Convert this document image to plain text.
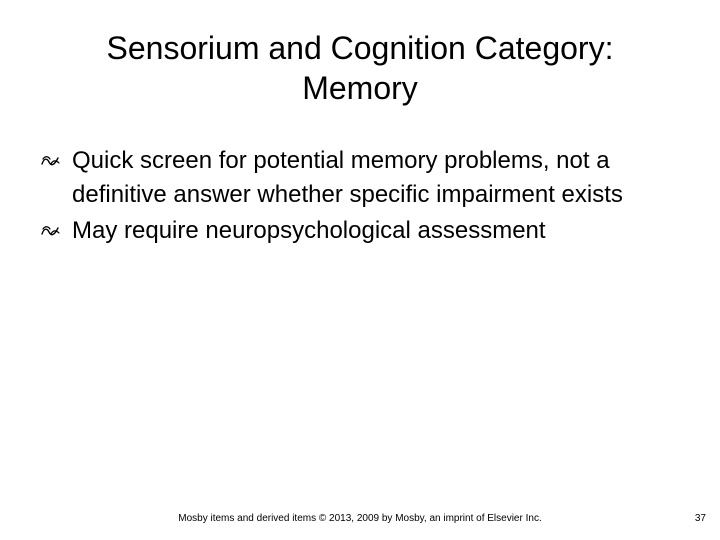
Sensorium and Cognition Category:
Memory
Quick screen for potential memory problems, not a definitive answer whether specific impairment exists
May require neuropsychological assessment
Mosby items and derived items © 2013, 2009 by Mosby, an imprint of Elsevier Inc.	37
